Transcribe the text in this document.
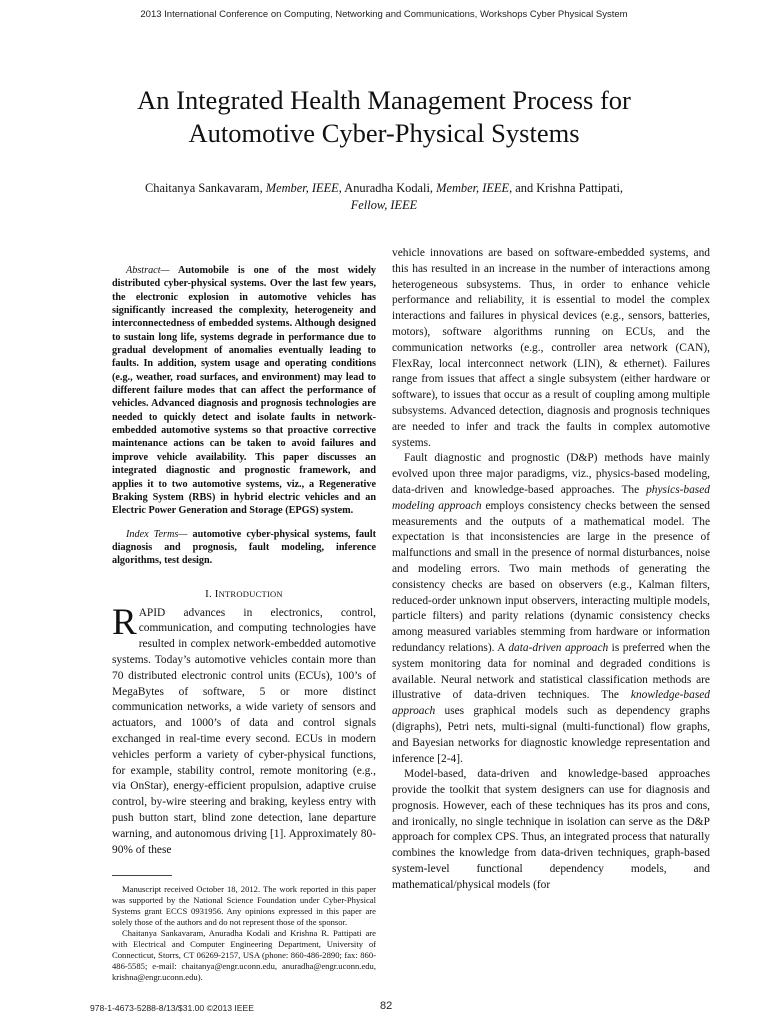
2013 International Conference on Computing, Networking and Communications, Workshops Cyber Physical System
An Integrated Health Management Process for
Automotive Cyber-Physical Systems
Chaitanya Sankavaram, Member, IEEE, Anuradha Kodali, Member, IEEE, and Krishna Pattipati,
Fellow, IEEE

Abstract— Automobile is one of the most widely distributed cyber-physical systems. Over the last few years, the electronic explosion in automotive vehicles has significantly increased the complexity, heterogeneity and interconnectedness of embedded systems. Although designed to sustain long life, systems degrade in performance due to gradual development of anomalies eventually leading to faults. In addition, system usage and operating conditions (e.g., weather, road surfaces, and environment) may lead to different failure modes that can affect the performance of vehicles. Advanced diagnosis and prognosis technologies are needed to quickly detect and isolate faults in network-embedded automotive systems so that proactive corrective maintenance actions can be taken to avoid failures and improve vehicle availability. This paper discusses an integrated diagnostic and prognostic framework, and applies it to two automotive systems, viz., a Regenerative Braking System (RBS) in hybrid electric vehicles and an Electric Power Generation and Storage (EPGS) system.

Index Terms— automotive cyber-physical systems, fault diagnosis and prognosis, fault modeling, inference algorithms, test design.

I. INTRODUCTION

RAPID advances in electronics, control, communication, and computing technologies have resulted in complex network-embedded automotive systems. Today’s automotive vehicles contain more than 70 distributed electronic control units (ECUs), 100’s of MegaBytes of software, 5 or more distinct communication networks, a wide variety of sensors and actuators, and 1000’s of data and control signals exchanged in real-time every second. ECUs in modern vehicles perform a variety of cyber-physical functions, for example, stability control, remote monitoring (e.g., via OnStar), energy-efficient propulsion, adaptive cruise control, by-wire steering and braking, keyless entry with push button start, blind zone detection, lane departure warning, and autonomous driving [1]. Approximately 80-90% of these

Manuscript received October 18, 2012. The work reported in this paper was supported by the National Science Foundation under Cyber-Physical Systems grant ECCS 0931956. Any opinions expressed in this paper are solely those of the authors and do not represent those of the sponsor.

Chaitanya Sankavaram, Anuradha Kodali and Krishna R. Pattipati are with Electrical and Computer Engineering Department, University of Connecticut, Storrs, CT 06269-2157, USA (phone: 860-486-2890; fax: 860-486-5585; e-mail: chaitanya@engr.uconn.edu, anuradha@engr.uconn.edu, krishna@engr.uconn.edu).

vehicle innovations are based on software-embedded systems, and this has resulted in an increase in the number of interactions among heterogeneous subsystems. Thus, in order to enhance vehicle performance and reliability, it is essential to model the complex interactions and failures in physical devices (e.g., sensors, batteries, motors), software algorithms running on ECUs, and the communication networks (e.g., controller area network (CAN), FlexRay, local interconnect network (LIN), & ethernet). Failures range from issues that affect a single subsystem (either hardware or software), to issues that occur as a result of coupling among multiple subsystems. Advanced detection, diagnosis and prognosis techniques are needed to infer and track the faults in complex automotive systems.

Fault diagnostic and prognostic (D&P) methods have mainly evolved upon three major paradigms, viz., physics-based modeling, data-driven and knowledge-based approaches. The physics-based modeling approach employs consistency checks between the sensed measurements and the outputs of a mathematical model. The expectation is that inconsistencies are large in the presence of malfunctions and small in the presence of normal disturbances, noise and modeling errors. Two main methods of generating the consistency checks are based on observers (e.g., Kalman filters, reduced-order unknown input observers, interacting multiple models, particle filters) and parity relations (dynamic consistency checks among measured variables stemming from hardware or information redundancy relations). A data-driven approach is preferred when the system monitoring data for nominal and degraded conditions is available. Neural network and statistical classification methods are illustrative of data-driven techniques. The knowledge-based approach uses graphical models such as dependency graphs (digraphs), Petri nets, multi-signal (multi-functional) flow graphs, and Bayesian networks for diagnostic knowledge representation and inference [2-4].

Model-based, data-driven and knowledge-based approaches provide the toolkit that system designers can use for diagnosis and prognosis. However, each of these techniques has its pros and cons, and ironically, no single technique in isolation can serve as the D&P approach for complex CPS. Thus, an integrated process that naturally combines the knowledge from data-driven techniques, graph-based system-level functional dependency models, and mathematical/physical models (for

978-1-4673-5288-8/13/$31.00 ©2013 IEEE	82
